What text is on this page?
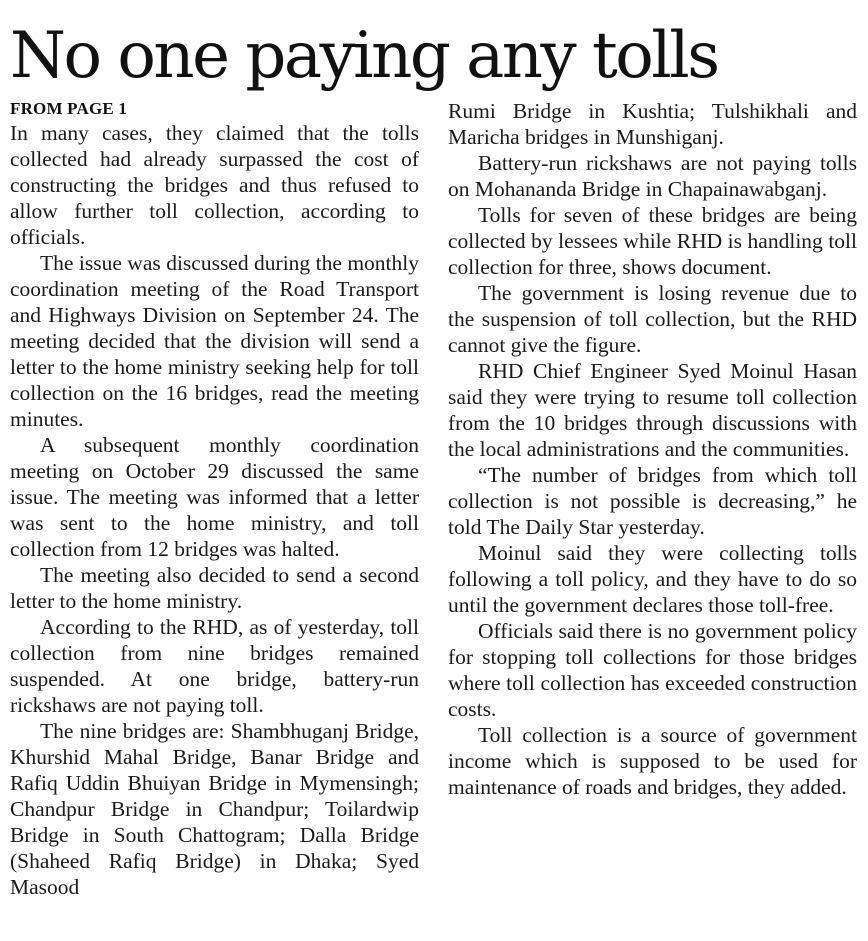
No one paying any tolls
FROM PAGE 1

In many cases, they claimed that the tolls collected had already surpassed the cost of constructing the bridges and thus refused to allow further toll collection, according to officials.

The issue was discussed during the monthly coordination meeting of the Road Transport and Highways Division on September 24. The meeting decided that the division will send a letter to the home ministry seeking help for toll collection on the 16 bridges, read the meeting minutes.

A subsequent monthly coordination meeting on October 29 discussed the same issue. The meeting was informed that a letter was sent to the home ministry, and toll collection from 12 bridges was halted.

The meeting also decided to send a second letter to the home ministry.

According to the RHD, as of yesterday, toll collection from nine bridges remained suspended. At one bridge, battery-run rickshaws are not paying toll.

The nine bridges are: Shambhuganj Bridge, Khurshid Mahal Bridge, Banar Bridge and Rafiq Uddin Bhuiyan Bridge in Mymensingh; Chandpur Bridge in Chandpur; Toilardwip Bridge in South Chattogram; Dalla Bridge (Shaheed Rafiq Bridge) in Dhaka; Syed Masood

Rumi Bridge in Kushtia; Tulshikhali and Maricha bridges in Munshiganj.

Battery-run rickshaws are not paying tolls on Mohananda Bridge in Chapainawabganj.

Tolls for seven of these bridges are being collected by lessees while RHD is handling toll collection for three, shows document.

The government is losing revenue due to the suspension of toll collection, but the RHD cannot give the figure.

RHD Chief Engineer Syed Moinul Hasan said they were trying to resume toll collection from the 10 bridges through discussions with the local administrations and the communities.

“The number of bridges from which toll collection is not possible is decreasing,” he told The Daily Star yesterday.

Moinul said they were collecting tolls following a toll policy, and they have to do so until the government declares those toll-free.

Officials said there is no government policy for stopping toll collections for those bridges where toll collection has exceeded construction costs.

Toll collection is a source of government income which is supposed to be used for maintenance of roads and bridges, they added.
